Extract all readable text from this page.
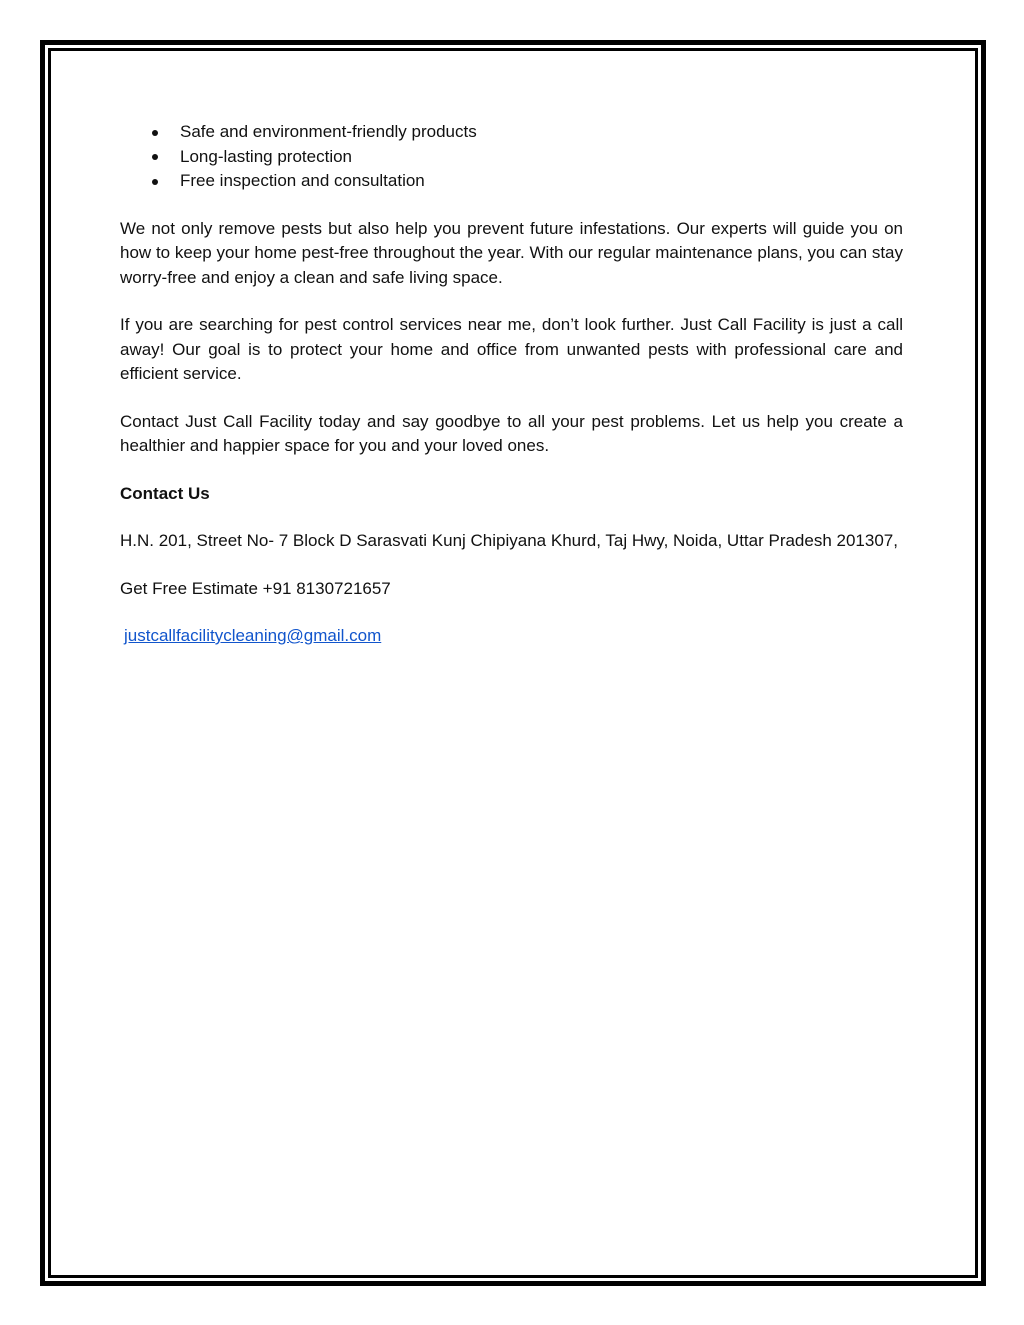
Safe and environment-friendly products
Long-lasting protection
Free inspection and consultation

We not only remove pests but also help you prevent future infestations. Our experts will guide you on how to keep your home pest-free throughout the year. With our regular maintenance plans, you can stay worry-free and enjoy a clean and safe living space.

If you are searching for pest control services near me, don’t look further. Just Call Facility is just a call away! Our goal is to protect your home and office from unwanted pests with professional care and efficient service.

Contact Just Call Facility today and say goodbye to all your pest problems. Let us help you create a healthier and happier space for you and your loved ones.

Contact Us

H.N. 201, Street No- 7 Block D Sarasvati Kunj Chipiyana Khurd, Taj Hwy, Noida, Uttar Pradesh 201307,

Get Free Estimate +91 8130721657

justcallfacilitycleaning@gmail.com
